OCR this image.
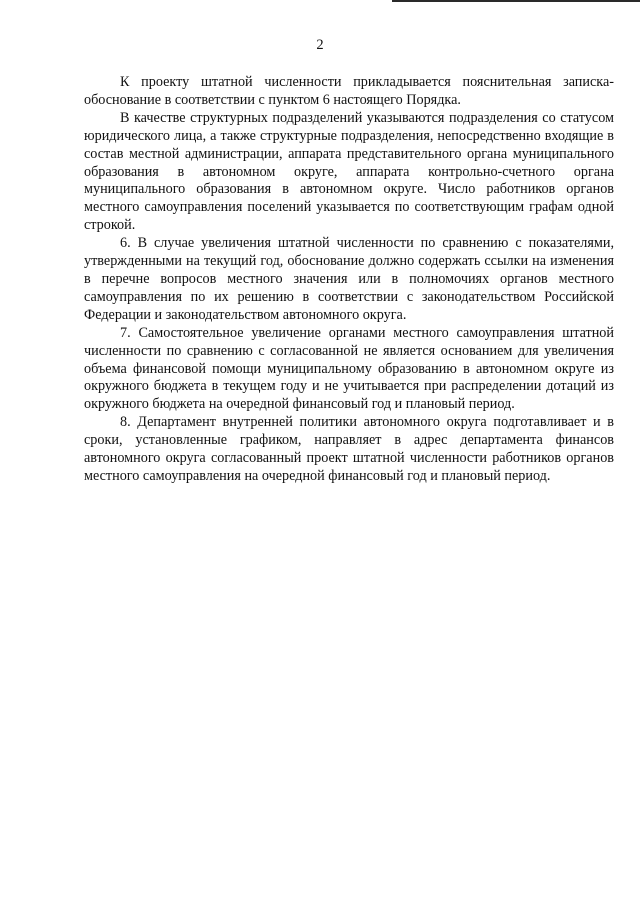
2

К проекту штатной численности прикладывается пояснительная записка-обоснование в соответствии с пунктом 6 настоящего Порядка.

В качестве структурных подразделений указываются подразделения со статусом юридического лица, а также структурные подразделения, непосредственно входящие в состав местной администрации, аппарата представительного органа муниципального образования в автономном округе, аппарата контрольно-счетного органа муниципального образования в автономном округе. Число работников органов местного самоуправления поселений указывается по соответствующим графам одной строкой.

6. В случае увеличения штатной численности по сравнению с показателями, утвержденными на текущий год, обоснование должно содержать ссылки на изменения в перечне вопросов местного значения или в полномочиях органов местного самоуправления по их решению в соответствии с законодательством Российской Федерации и законодательством автономного округа.

7. Самостоятельное увеличение органами местного самоуправления штатной численности по сравнению с согласованной не является основанием для увеличения объема финансовой помощи муниципальному образованию в автономном округе из окружного бюджета в текущем году и не учитывается при распределении дотаций из окружного бюджета на очередной финансовый год и плановый период.

8. Департамент внутренней политики автономного округа подготавливает и в сроки, установленные графиком, направляет в адрес департамента финансов автономного округа согласованный проект штатной численности работников органов местного самоуправления на очередной финансовый год и плановый период.
